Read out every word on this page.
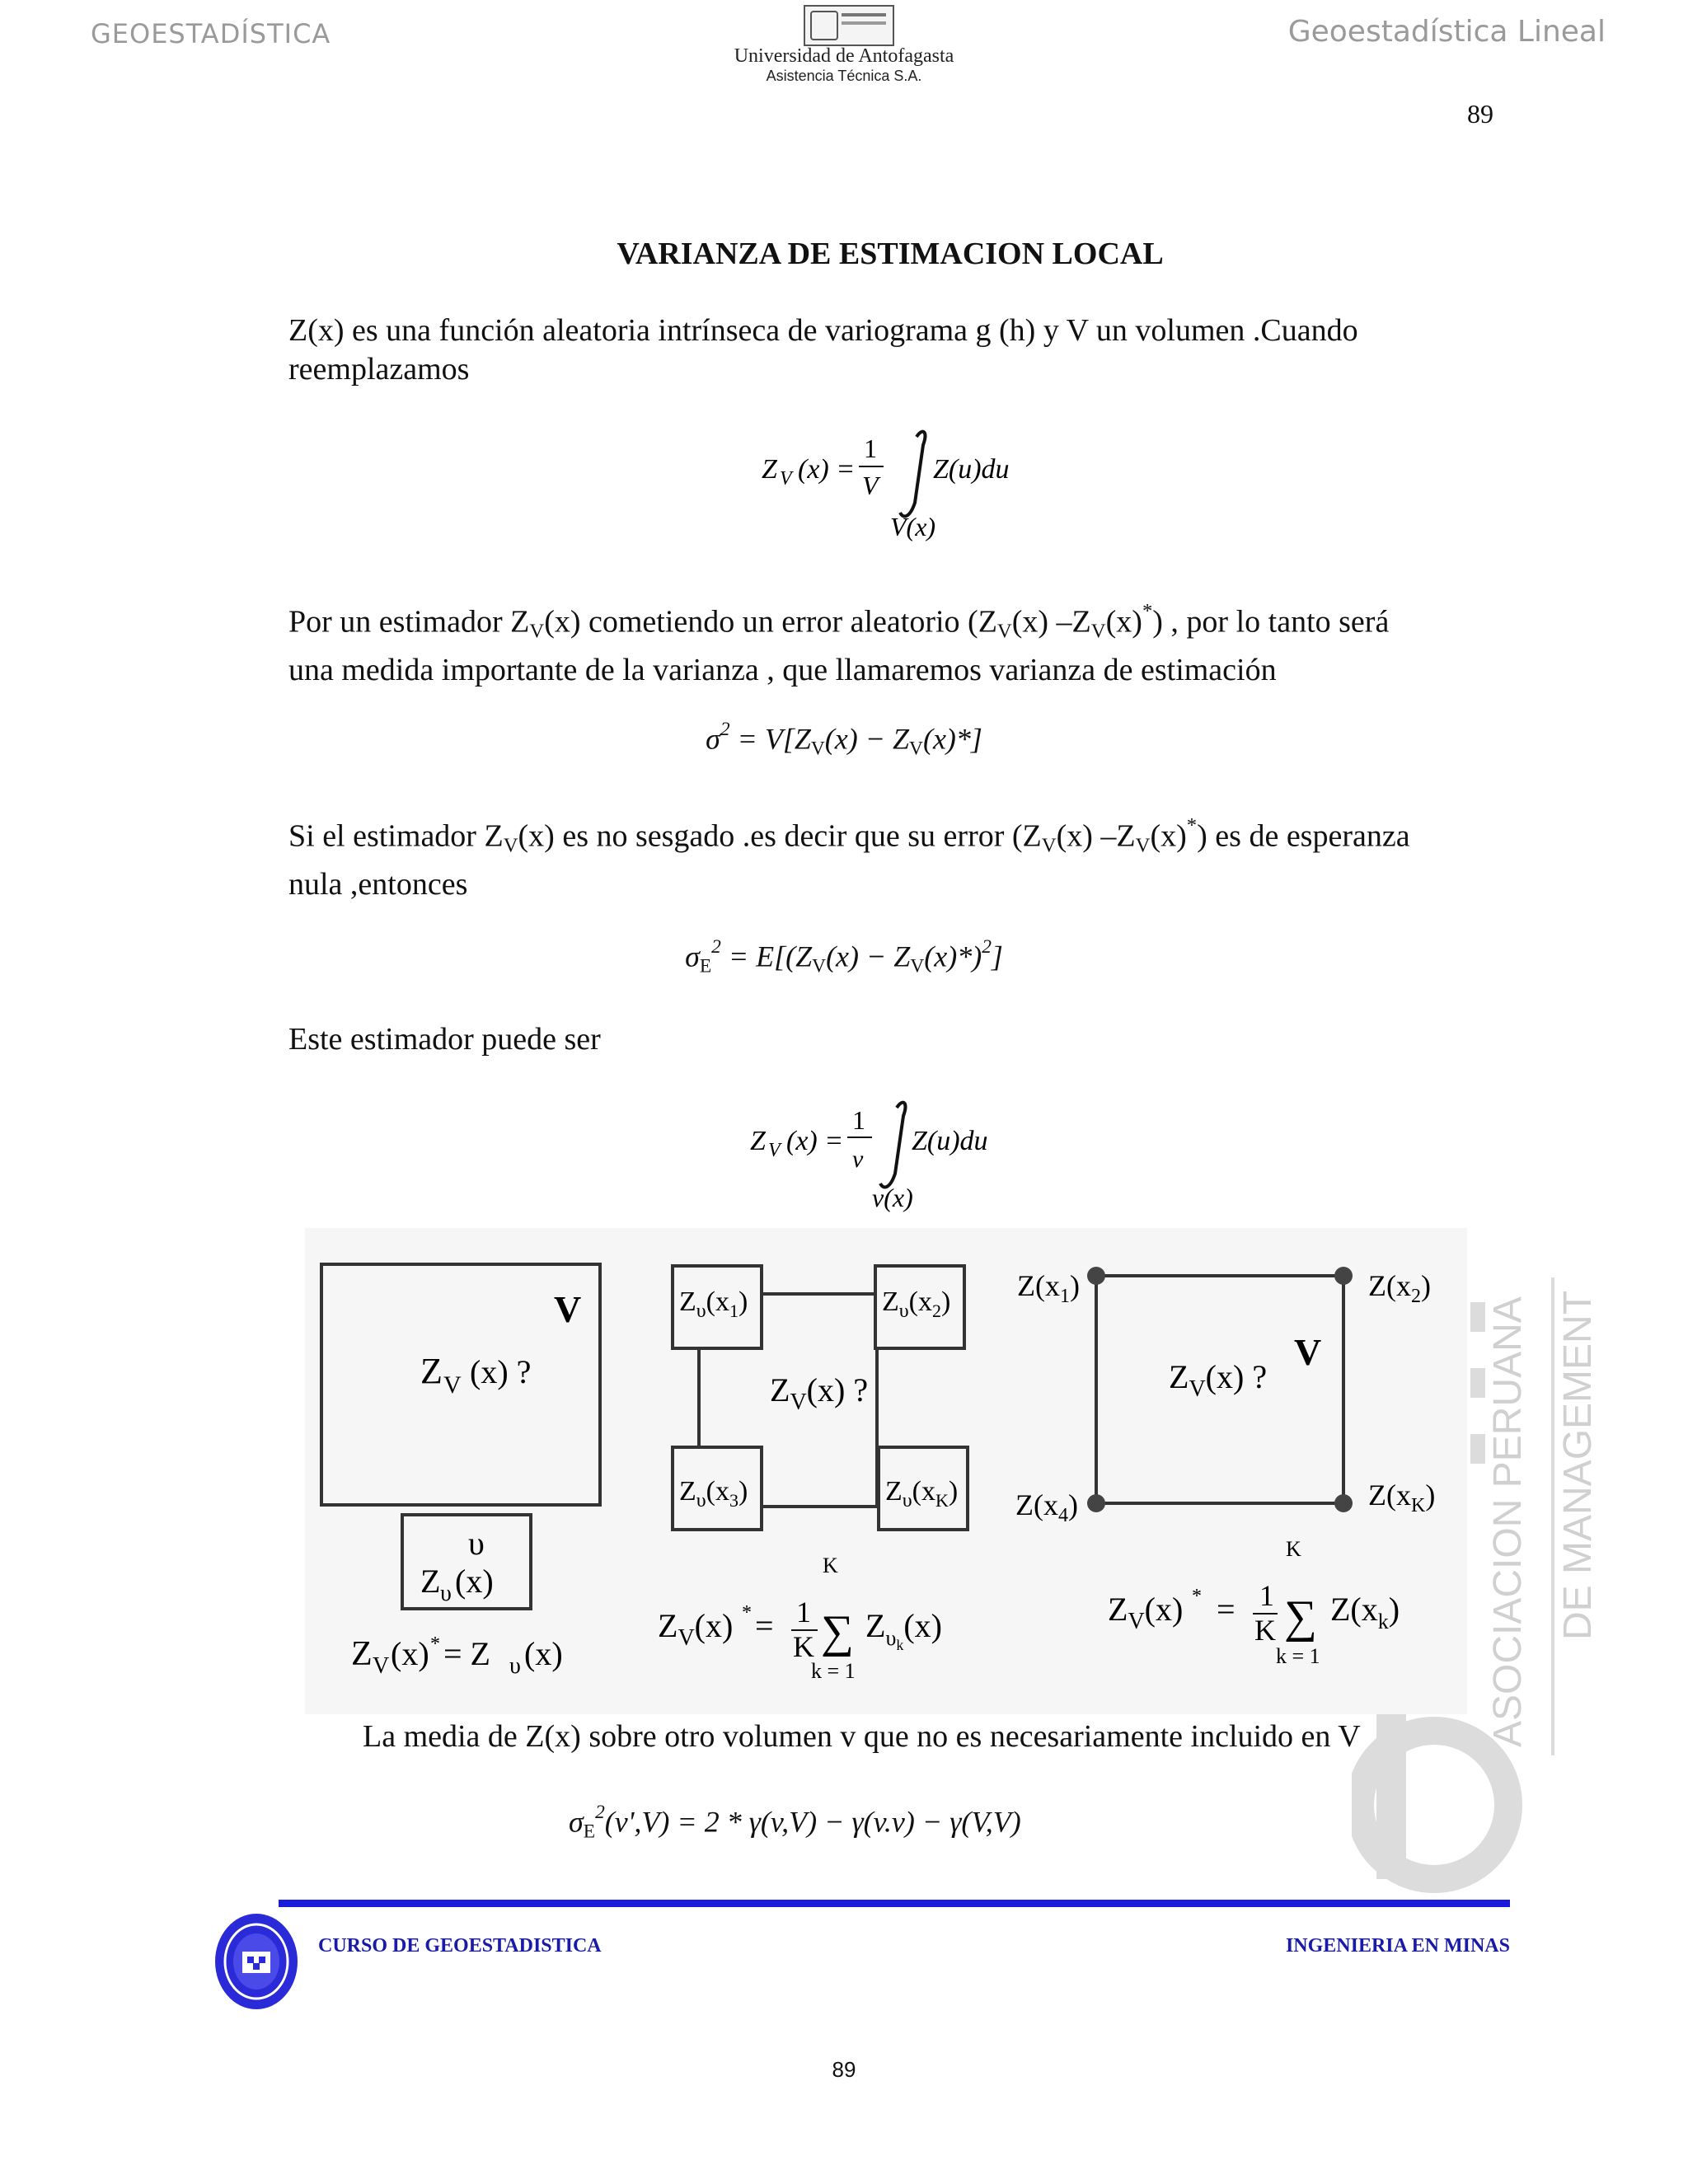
GEOESTADÍSTICA
Universidad de Antofagasta
Asistencia Técnica S.A.
Geoestadística Lineal
89
VARIANZA DE ESTIMACION LOCAL
Z(x) es una función aleatoria intrínseca de variograma g (h) y V un volumen .Cuando
reemplazamos
Z V (x) =
1
V
Z(u)du
V(x)
Por un estimador $Z_V(x)$ cometiendo un error aleatorio ($Z_V(x)$ $-Z_V(x)^*$) , por lo tanto será
una medida importante de la varianza , que llamaremos varianza de estimación
$\sigma^2 = V[Z_V(x) - Z_V(x)*]$
Si el estimador $Z_V(x)$ es no sesgado .es decir que su error ($Z_V(x)$ $-Z_V(x)^*$) es de esperanza
nula ,entonces
$\sigma_E^2 = E[(Z_V(x) - Z_V(x)*)^2]$
Este estimador puede ser
Z V (x) =
1
v
Z(u)du
v(x)
V
Z V (x) ?
υ
Z υ (x)
Z V (x) * = Z υ (x)
$Z_\upsilon(x_1)$	$Z_\upsilon(x_2)$
$Z_\upsilon(x_3)$	$Z_\upsilon(x_K)$
$Z_V(x)$ ?
$Z_V(x)$ * = 1
K
K
∑
k = 1
$Z_\upsilon k(x)$
$Z(x_1)$	$Z(x_2)$
$Z(x_4)$	$Z(x_K)$
V
$Z_V(x)$ ?
$Z_V(x)$ * = 1
K
K
∑
k = 1
$Z(x_k)$ ASOCIACION PERUANA DE MANAGEMENT
La media de Z(x) sobre otro volumen v que no es necesariamente incluido en V
$\sigma_E^2(v',V) = 2 * \gamma(v,V) - \gamma(v.v) - \gamma(V,V)$
CURSO DE GEOESTADISTICA	INGENIERIA EN MINAS
89
